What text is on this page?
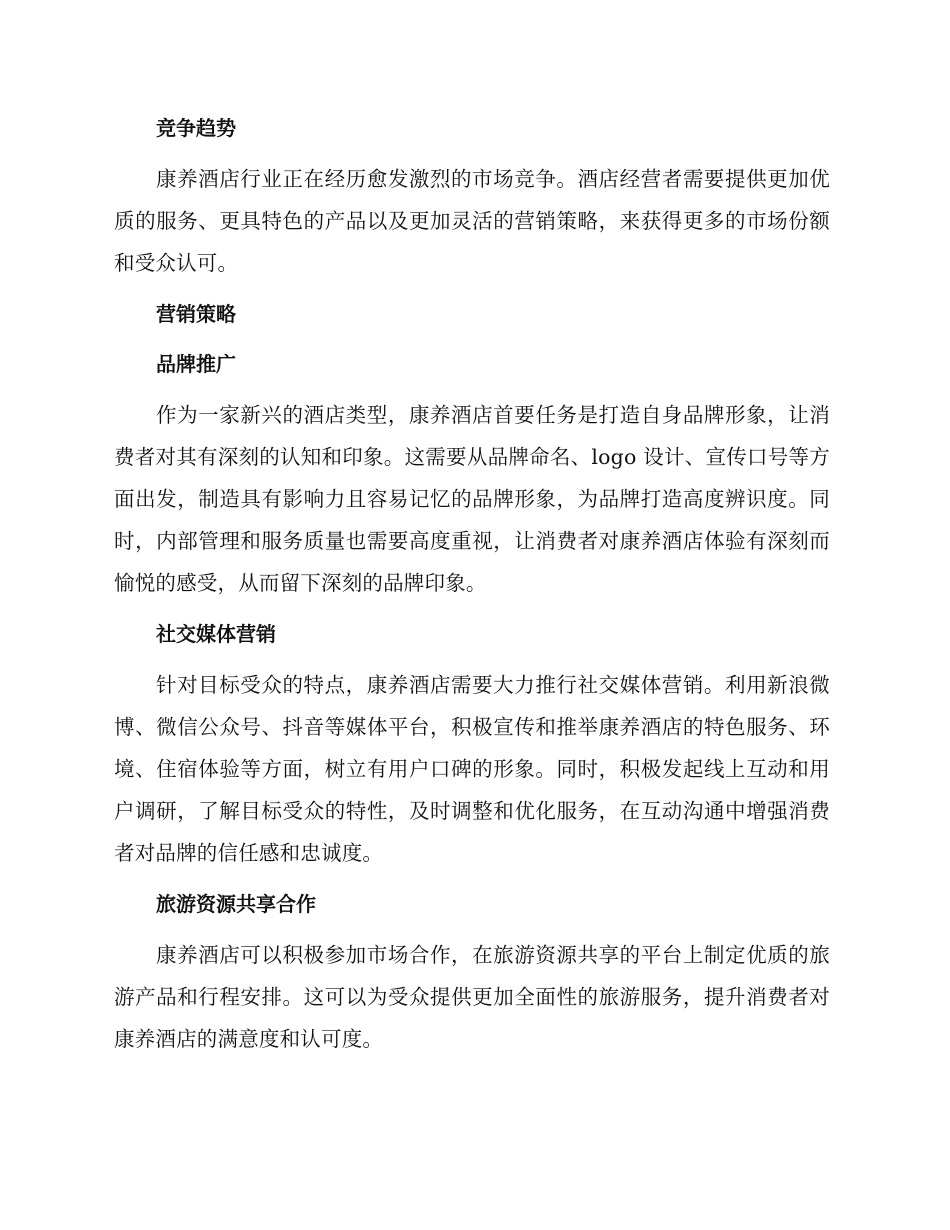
竞争趋势

康养酒店行业正在经历愈发激烈的市场竞争。酒店经营者需要提供更加优质的服务、更具特色的产品以及更加灵活的营销策略，来获得更多的市场份额和受众认可。

营销策略
品牌推广

作为一家新兴的酒店类型，康养酒店首要任务是打造自身品牌形象，让消费者对其有深刻的认知和印象。这需要从品牌命名、logo 设计、宣传口号等方面出发，制造具有影响力且容易记忆的品牌形象，为品牌打造高度辨识度。同时，内部管理和服务质量也需要高度重视，让消费者对康养酒店体验有深刻而愉悦的感受，从而留下深刻的品牌印象。

社交媒体营销

针对目标受众的特点，康养酒店需要大力推行社交媒体营销。利用新浪微博、微信公众号、抖音等媒体平台，积极宣传和推举康养酒店的特色服务、环境、住宿体验等方面，树立有用户口碑的形象。同时，积极发起线上互动和用户调研，了解目标受众的特性，及时调整和优化服务，在互动沟通中增强消费者对品牌的信任感和忠诚度。

旅游资源共享合作

康养酒店可以积极参加市场合作，在旅游资源共享的平台上制定优质的旅游产品和行程安排。这可以为受众提供更加全面性的旅游服务，提升消费者对康养酒店的满意度和认可度。
